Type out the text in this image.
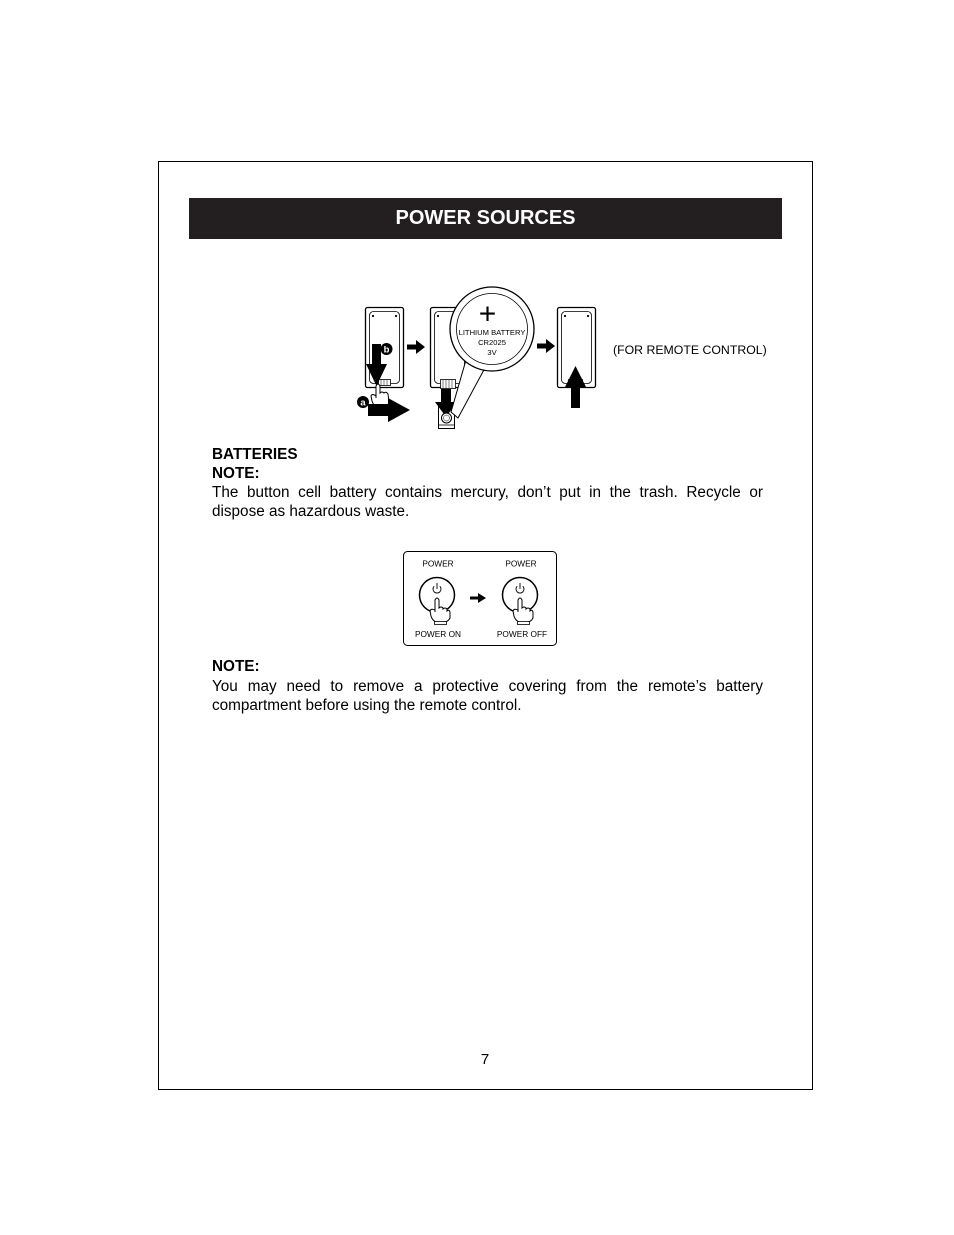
POWER SOURCES
b
a
+
LITHIUM BATTERY
CR2025
3V	(FOR REMOTE CONTROL)
BATTERIES
NOTE:
The button cell battery contains mercury, don’t put in the trash. Recycle or
dispose as hazardous waste.
POWER
POWER ON
POWER
POWER OFF
NOTE:
You may need to remove a protective covering from the remote’s battery
compartment before using the remote control.
7
